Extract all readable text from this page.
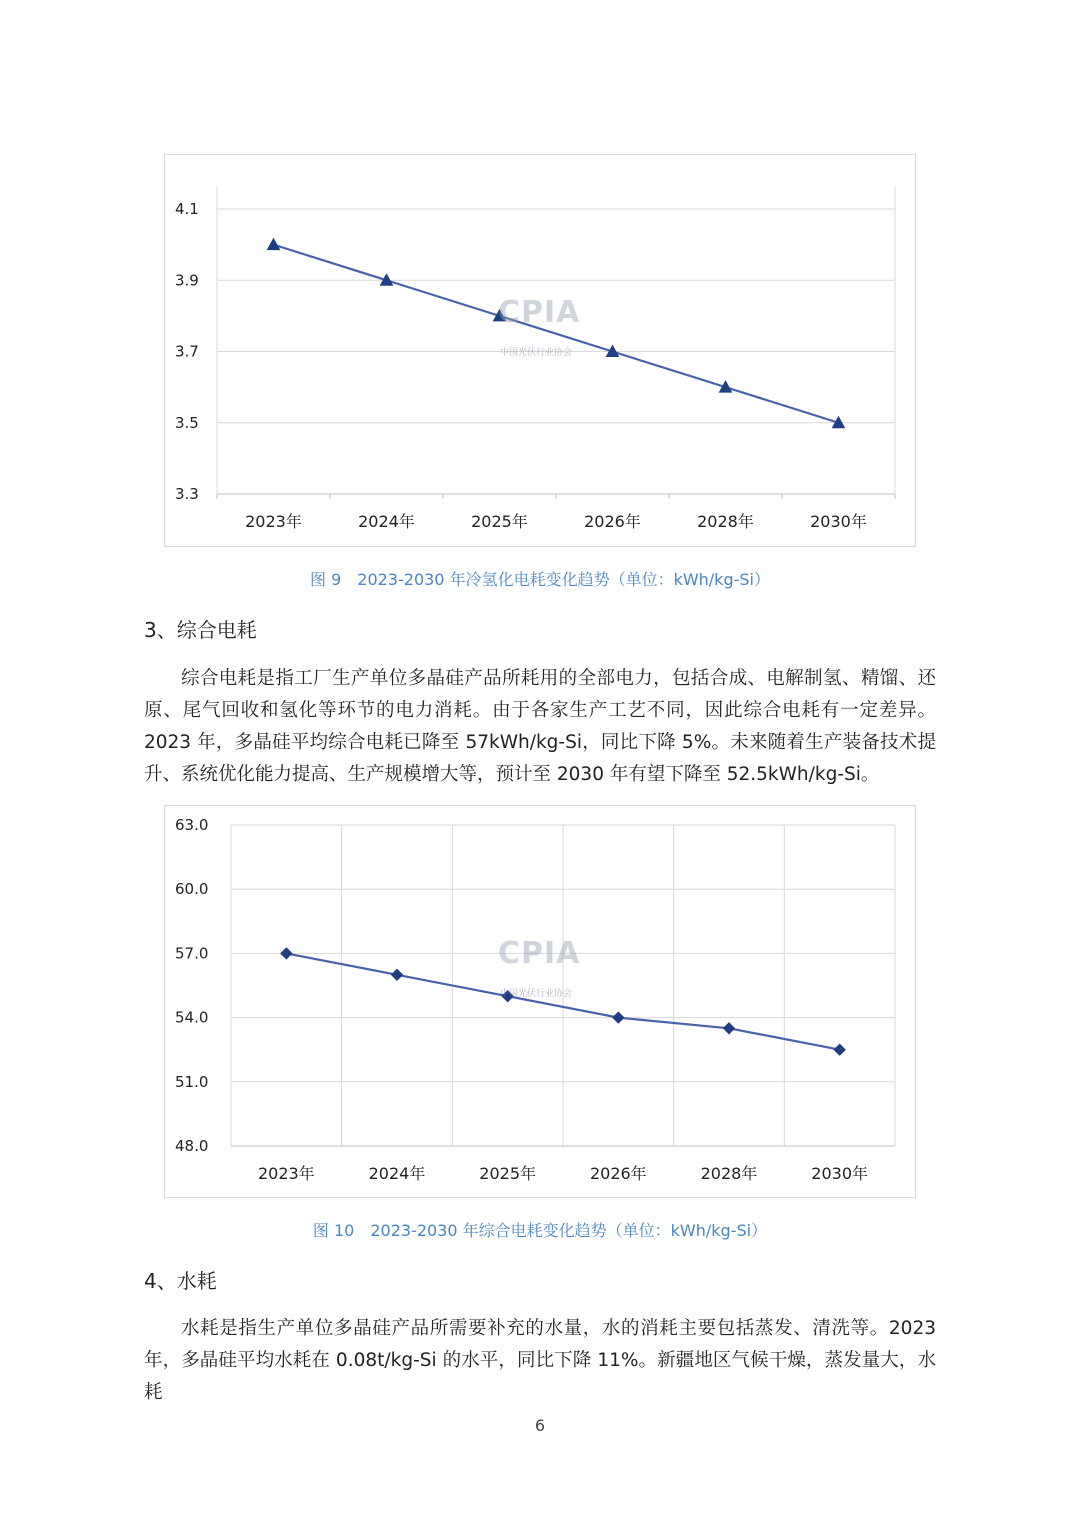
4.1
3.9
3.7
3.5
3.3
2023年	2024年	2025年	2026年	2028年	2030年
CPIA
中国光伏行业协会
图 9　2023-2030 年冷氢化电耗变化趋势（单位：kWh/kg-Si）
3、综合电耗
综合电耗是指工厂生产单位多晶硅产品所耗用的全部电力，包括合成、电解制氢、精馏、还原、尾气回收和氢化等环节的电力消耗。由于各家生产工艺不同，因此综合电耗有一定差异。2023 年，多晶硅平均综合电耗已降至 57kWh/kg-Si，同比下降 5%。未来随着生产装备技术提升、系统优化能力提高、生产规模增大等，预计至 2030 年有望下降至 52.5kWh/kg-Si。
63.0
60.0
57.0
54.0
51.0
48.0
2023年	2024年	2025年	2026年	2028年	2030年
CPIA
中国光伏行业协会
图 10　2023-2030 年综合电耗变化趋势（单位：kWh/kg-Si）
4、水耗
水耗是指生产单位多晶硅产品所需要补充的水量，水的消耗主要包括蒸发、清洗等。2023 年，多晶硅平均水耗在 0.08t/kg-Si 的水平，同比下降 11%。新疆地区气候干燥，蒸发量大，水耗
6
